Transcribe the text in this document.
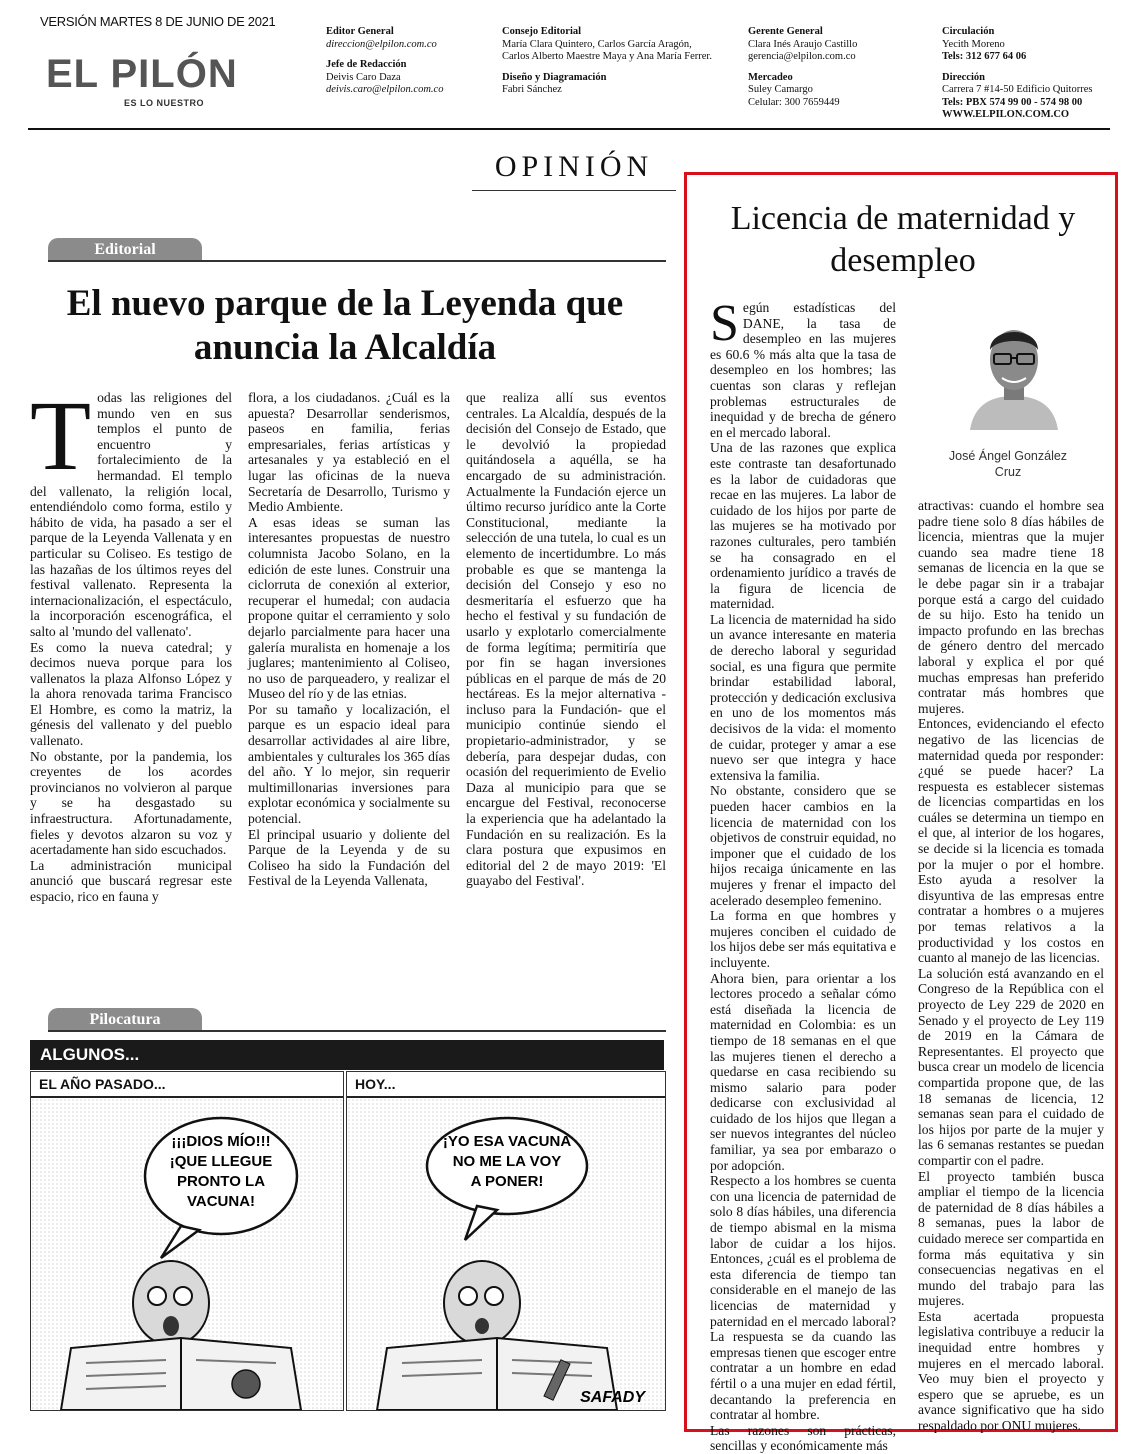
VERSIÓN MARTES 8 DE JUNIO DE 2021
EL PILÓN
ES LO NUESTRO
Editor General
direccion@elpilon.com.co
Jefe de Redacción
Deivis Caro Daza
deivis.caro@elpilon.com.co
Consejo Editorial
María Clara Quintero, Carlos García Aragón, Carlos Alberto Maestre Maya y Ana María Ferrer.
Diseño y Diagramación
Fabri Sánchez
Gerente General
Clara Inés Araujo Castillo
gerencia@elpilon.com.co
Mercadeo
Suley Camargo
Celular: 300 7659449
Circulación
Yecith Moreno
Tels: 312 677 64 06
Dirección
Carrera 7 #14-50 Edificio Quitorres
Tels: PBX 574 99 00 - 574 98 00
WWW.ELPILON.COM.CO
OPINIÓN
Editorial
El nuevo parque de la Leyenda que anuncia la Alcaldía

Todas las religiones del mundo ven en sus templos el punto de encuentro y fortalecimiento de la hermandad. El templo del vallenato, la religión local, entendiéndolo como forma, estilo y hábito de vida, ha pasado a ser el parque de la Leyenda Vallenata y en particular su Coliseo. Es testigo de las hazañas de los últimos reyes del festival vallenato. Representa la internacionalización, el espectáculo, la incorporación escenográfica, el salto al 'mundo del vallenato'.

Es como la nueva catedral; y decimos nueva porque para los vallenatos la plaza Alfonso López y la ahora renovada tarima Francisco El Hombre, es como la matriz, la génesis del vallenato y del pueblo vallenato.

No obstante, por la pandemia, los creyentes de los acordes provincianos no volvieron al parque y se ha desgastado su infraestructura. Afortunadamente, fieles y devotos alzaron su voz y acertadamente han sido escuchados.

La administración municipal anunció que buscará regresar este espacio, rico en fauna y

flora, a los ciudadanos. ¿Cuál es la apuesta? Desarrollar senderismos, paseos en familia, ferias empresariales, ferias artísticas y artesanales y ya estableció en el lugar las oficinas de la nueva Secretaría de Desarrollo, Turismo y Medio Ambiente.

A esas ideas se suman las interesantes propuestas de nuestro columnista Jacobo Solano, en la edición de este lunes. Construir una ciclorruta de conexión al exterior, recuperar el humedal; con audacia propone quitar el cerramiento y solo dejarlo parcialmente para hacer una galería muralista en homenaje a los juglares; mantenimiento al Coliseo, no uso de parqueadero, y realizar el Museo del río y de las etnias.

Por su tamaño y localización, el parque es un espacio ideal para desarrollar actividades al aire libre, ambientales y culturales los 365 días del año. Y lo mejor, sin requerir multimillonarias inversiones para explotar económica y socialmente su potencial.

El principal usuario y doliente del Parque de la Leyenda y de su Coliseo ha sido la Fundación del Festival de la Leyenda Vallenata,

que realiza allí sus eventos centrales. La Alcaldía, después de la decisión del Consejo de Estado, que le devolvió la propiedad quitándosela a aquélla, se ha encargado de su administración. Actualmente la Fundación ejerce un último recurso jurídico ante la Corte Constitucional, mediante la selección de una tutela, lo cual es un elemento de incertidumbre. Lo más probable es que se mantenga la decisión del Consejo y eso no desmeritaría el esfuerzo que ha hecho el festival y su fundación de usarlo y explotarlo comercialmente de forma legítima; permitiría que por fin se hagan inversiones públicas en el parque de más de 20 hectáreas. Es la mejor alternativa -incluso para la Fundación- que el municipio continúe siendo el propietario-administrador, y se debería, para despejar dudas, con ocasión del requerimiento de Evelio Daza al municipio para que se encargue del Festival, reconocerse la experiencia que ha adelantado la Fundación en su realización. Es la clara postura que expusimos en editorial del 2 de mayo 2019: 'El guayabo del Festival'.

Pilocatura
ALGUNOS...
EL AÑO PASADO...
¡¡¡DIOS MÍO!!!
¡QUE LLEGUE
PRONTO LA
VACUNA!
HOY...
¡YO ESA VACUNA
NO ME LA VOY
A PONER!
SAFADY
Licencia de maternidad y desempleo
José Ángel González
Cruz

Según estadísticas del DANE, la tasa de desempleo en las mujeres es 60.6 % más alta que la tasa de desempleo en los hombres; las cuentas son claras y reflejan problemas estructurales de inequidad y de brecha de género en el mercado laboral.

Una de las razones que explica este contraste tan desafortunado es la labor de cuidadoras que recae en las mujeres. La labor de cuidado de los hijos por parte de las mujeres se ha motivado por razones culturales, pero también se ha consagrado en el ordenamiento jurídico a través de la figura de licencia de maternidad.

La licencia de maternidad ha sido un avance interesante en materia de derecho laboral y seguridad social, es una figura que permite brindar estabilidad laboral, protección y dedicación exclusiva en uno de los momentos más decisivos de la vida: el momento de cuidar, proteger y amar a ese nuevo ser que integra y hace extensiva la familia.

No obstante, considero que se pueden hacer cambios en la licencia de maternidad con los objetivos de construir equidad, no imponer que el cuidado de los hijos recaiga únicamente en las mujeres y frenar el impacto del acelerado desempleo femenino.

La forma en que hombres y mujeres conciben el cuidado de los hijos debe ser más equitativa e incluyente.

Ahora bien, para orientar a los lectores procedo a señalar cómo está diseñada la licencia de maternidad en Colombia: es un tiempo de 18 semanas en el que las mujeres tienen el derecho a quedarse en casa recibiendo su mismo salario para poder dedicarse con exclusividad al cuidado de los hijos que llegan a ser nuevos integrantes del núcleo familiar, ya sea por embarazo o por adopción.

Respecto a los hombres se cuenta con una licencia de paternidad de solo 8 días hábiles, una diferencia de tiempo abismal en la misma labor de cuidar a los hijos. Entonces, ¿cuál es el problema de esta diferencia de tiempo tan considerable en el manejo de las licencias de maternidad y paternidad en el mercado laboral? La respuesta se da cuando las empresas tienen que escoger entre contratar a un hombre en edad fértil o a una mujer en edad fértil, decantando la preferencia en contratar al hombre.

Las razones son prácticas, sencillas y económicamente más

atractivas: cuando el hombre sea padre tiene solo 8 días hábiles de licencia, mientras que la mujer cuando sea madre tiene 18 semanas de licencia en la que se le debe pagar sin ir a trabajar porque está a cargo del cuidado de su hijo. Esto ha tenido un impacto profundo en las brechas de género dentro del mercado laboral y explica el por qué muchas empresas han preferido contratar más hombres que mujeres.

Entonces, evidenciando el efecto negativo de las licencias de maternidad queda por responder: ¿qué se puede hacer? La respuesta es establecer sistemas de licencias compartidas en los cuáles se determina un tiempo en el que, al interior de los hogares, se decide si la licencia es tomada por la mujer o por el hombre. Esto ayuda a resolver la disyuntiva de las empresas entre contratar a hombres o a mujeres por temas relativos a la productividad y los costos en cuanto al manejo de las licencias.

La solución está avanzando en el Congreso de la República con el proyecto de Ley 229 de 2020 en Senado y el proyecto de Ley 119 de 2019 en la Cámara de Representantes. El proyecto que busca crear un modelo de licencia compartida propone que, de las 18 semanas de licencia, 12 semanas sean para el cuidado de los hijos por parte de la mujer y las 6 semanas restantes se puedan compartir con el padre.

El proyecto también busca ampliar el tiempo de la licencia de paternidad de 8 días hábiles a 8 semanas, pues la labor de cuidado merece ser compartida en forma más equitativa y sin consecuencias negativas en el mundo del trabajo para las mujeres.

Esta acertada propuesta legislativa contribuye a reducir la inequidad entre hombres y mujeres en el mercado laboral. Veo muy bien el proyecto y espero que se apruebe, es un avance significativo que ha sido respaldado por ONU mujeres.
